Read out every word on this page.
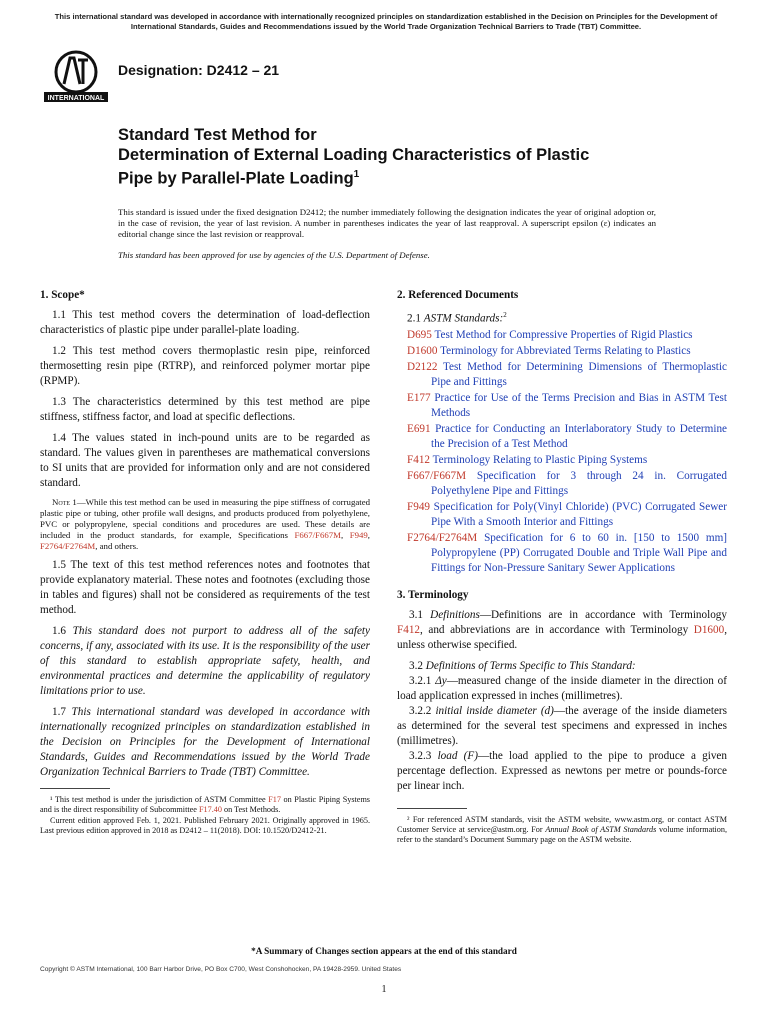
This international standard was developed in accordance with internationally recognized principles on standardization established in the Decision on Principles for the Development of International Standards, Guides and Recommendations issued by the World Trade Organization Technical Barriers to Trade (TBT) Committee.
INTERNATIONAL
Designation: D2412 – 21
Standard Test Method for
Determination of External Loading Characteristics of Plastic
Pipe by Parallel-Plate Loading$^1$
This standard is issued under the fixed designation D2412; the number immediately following the designation indicates the year of original adoption or, in the case of revision, the year of last revision. A number in parentheses indicates the year of last reapproval. A superscript epsilon (ε) indicates an editorial change since the last revision or reapproval.
This standard has been approved for use by agencies of the U.S. Department of Defense.
1. Scope*

1.1 This test method covers the determination of load-deflection characteristics of plastic pipe under parallel-plate loading.

1.2 This test method covers thermoplastic resin pipe, reinforced thermosetting resin pipe (RTRP), and reinforced polymer mortar pipe (RPMP).

1.3 The characteristics determined by this test method are pipe stiffness, stiffness factor, and load at specific deflections.

1.4 The values stated in inch-pound units are to be regarded as standard. The values given in parentheses are mathematical conversions to SI units that are provided for information only and are not considered standard.

Note 1—While this test method can be used in measuring the pipe stiffness of corrugated plastic pipe or tubing, other profile wall designs, and products produced from polyethylene, PVC or polypropylene, special conditions and procedures are used. These details are included in the product standards, for example, Specifications F667/F667M, F949, F2764/F2764M, and others.

1.5 The text of this test method references notes and footnotes that provide explanatory material. These notes and footnotes (excluding those in tables and figures) shall not be considered as requirements of the test method.

1.6 This standard does not purport to address all of the safety concerns, if any, associated with its use. It is the responsibility of the user of this standard to establish appropriate safety, health, and environmental practices and determine the applicability of regulatory limitations prior to use.

1.7 This international standard was developed in accordance with internationally recognized principles on standardization established in the Decision on Principles for the Development of International Standards, Guides and Recommendations issued by the World Trade Organization Technical Barriers to Trade (TBT) Committee.

¹ This test method is under the jurisdiction of ASTM Committee F17 on Plastic Piping Systems and is the direct responsibility of Subcommittee F17.40 on Test Methods.

Current edition approved Feb. 1, 2021. Published February 2021. Originally approved in 1965. Last previous edition approved in 2018 as D2412 – 11(2018). DOI: 10.1520/D2412-21.

2. Referenced Documents
2.1 ASTM Standards:$^2$
D695 Test Method for Compressive Properties of Rigid Plastics
D1600 Terminology for Abbreviated Terms Relating to Plastics
D2122 Test Method for Determining Dimensions of Thermoplastic Pipe and Fittings
E177 Practice for Use of the Terms Precision and Bias in ASTM Test Methods
E691 Practice for Conducting an Interlaboratory Study to Determine the Precision of a Test Method
F412 Terminology Relating to Plastic Piping Systems
F667/F667M Specification for 3 through 24 in. Corrugated Polyethylene Pipe and Fittings
F949 Specification for Poly(Vinyl Chloride) (PVC) Corrugated Sewer Pipe With a Smooth Interior and Fittings
F2764/F2764M Specification for 6 to 60 in. [150 to 1500 mm] Polypropylene (PP) Corrugated Double and Triple Wall Pipe and Fittings for Non-Pressure Sanitary Sewer Applications
3. Terminology

3.1 Definitions—Definitions are in accordance with Terminology F412, and abbreviations are in accordance with Terminology D1600, unless otherwise specified.

3.2 Definitions of Terms Specific to This Standard:

3.2.1 Δy—measured change of the inside diameter in the direction of load application expressed in inches (millimetres).

3.2.2 initial inside diameter (d)—the average of the inside diameters as determined for the several test specimens and expressed in inches (millimetres).

3.2.3 load (F)—the load applied to the pipe to produce a given percentage deflection. Expressed as newtons per metre or pounds-force per linear inch.

² For referenced ASTM standards, visit the ASTM website, www.astm.org, or contact ASTM Customer Service at service@astm.org. For Annual Book of ASTM Standards volume information, refer to the standard’s Document Summary page on the ASTM website.

*A Summary of Changes section appears at the end of this standard
Copyright © ASTM International, 100 Barr Harbor Drive, PO Box C700, West Conshohocken, PA 19428-2959. United States
1
